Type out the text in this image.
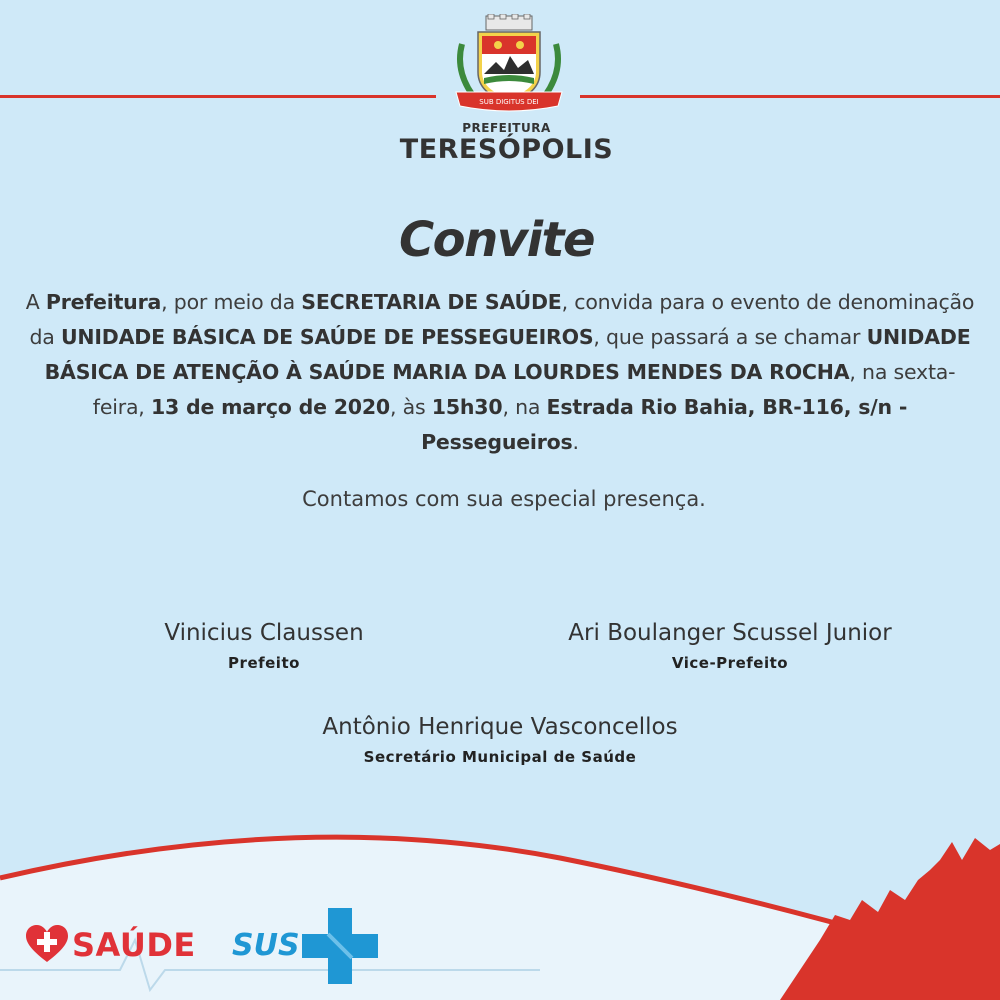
SUB DIGITUS DEI
PREFEITURA
TERESÓPOLIS
Convite
A Prefeitura, por meio da SECRETARIA DE SAÚDE, convida para o evento de denominação da UNIDADE BÁSICA DE SAÚDE DE PESSEGUEIROS, que passará a se chamar UNIDADE BÁSICA DE ATENÇÃO À SAÚDE MARIA DA LOURDES MENDES DA ROCHA, na sexta-feira, 13 de março de 2020, às 15h30, na Estrada Rio Bahia, BR-116, s/n - Pessegueiros.
Contamos com sua especial presença.
Vinicius Claussen
Prefeito
Ari Boulanger Scussel Junior
Vice-Prefeito
Antônio Henrique Vasconcellos
Secretário Municipal de Saúde
SAÚDE SUS
